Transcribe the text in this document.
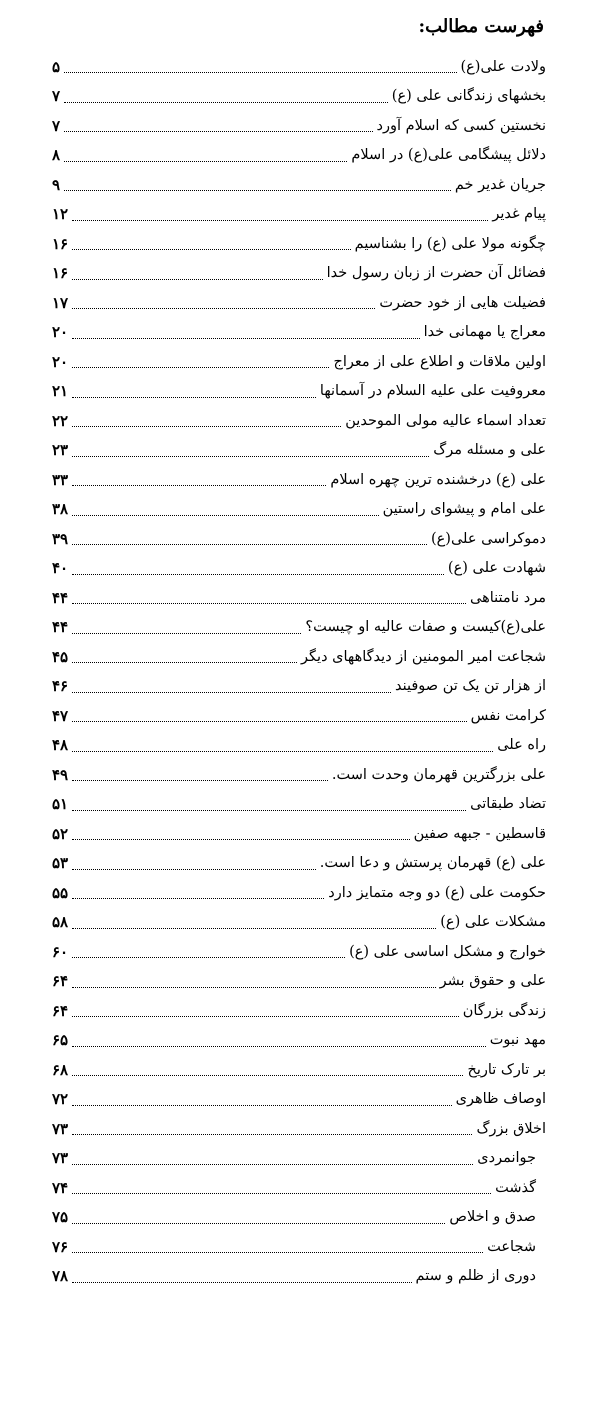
فهرست مطالب:
ولادت علی(ع)
۵
بخشهای زندگانی علی (ع)
۷
نخستین کسی که اسلام آورد
۷
دلائل پیشگامی علی(ع) در اسلام
۸
جریان غدیر خم
۹
پیام غدیر
۱۲
چگونه مولا علی (ع) را بشناسیم
۱۶
فضائل آن حضرت از زبان رسول خدا
۱۶
فضیلت هایی از خود حضرت
۱۷
معراج یا مهمانی خدا
۲۰
اولین ملاقات و اطلاع علی از معراج
۲۰
معروفیت علی علیه السلام در آسمانها
۲۱
تعداد اسماء عالیه مولی الموحدین
۲۲
علی و مسئله مرگ
۲۳
علی (ع) درخشنده ترین چهره اسلام
۳۳
علی امام و پیشوای راستین
۳۸
دموکراسی علی(ع)
۳۹
شهادت علی (ع)
۴۰
مرد نامتناهی
۴۴
علی(ع)کیست و صفات عالیه او چیست؟
۴۴
شجاعت امیر المومنین از دیدگاههای دیگر
۴۵
از هزار تن یک تن صوفیند
۴۶
کرامت نفس
۴۷
راه علی
۴۸
علی بزرگترین قهرمان وحدت است.
۴۹
تضاد طبقاتی
۵۱
قاسطین - جبهه صفین
۵۲
علی (ع) قهرمان پرستش و دعا است.
۵۳
حکومت علی (ع) دو وجه متمایز دارد
۵۵
مشکلات علی (ع)
۵۸
خوارج و مشکل اساسی علی (ع)
۶۰
علی و حقوق بشر
۶۴
زندگی بزرگان
۶۴
مهد نبوت
۶۵
بر تارک تاریخ
۶۸
اوصاف ظاهری
۷۲
اخلاق بزرگ
۷۳
جوانمردی
۷۳
گذشت
۷۴
صدق و اخلاص
۷۵
شجاعت
۷۶
دوری از ظلم و ستم
۷۸
